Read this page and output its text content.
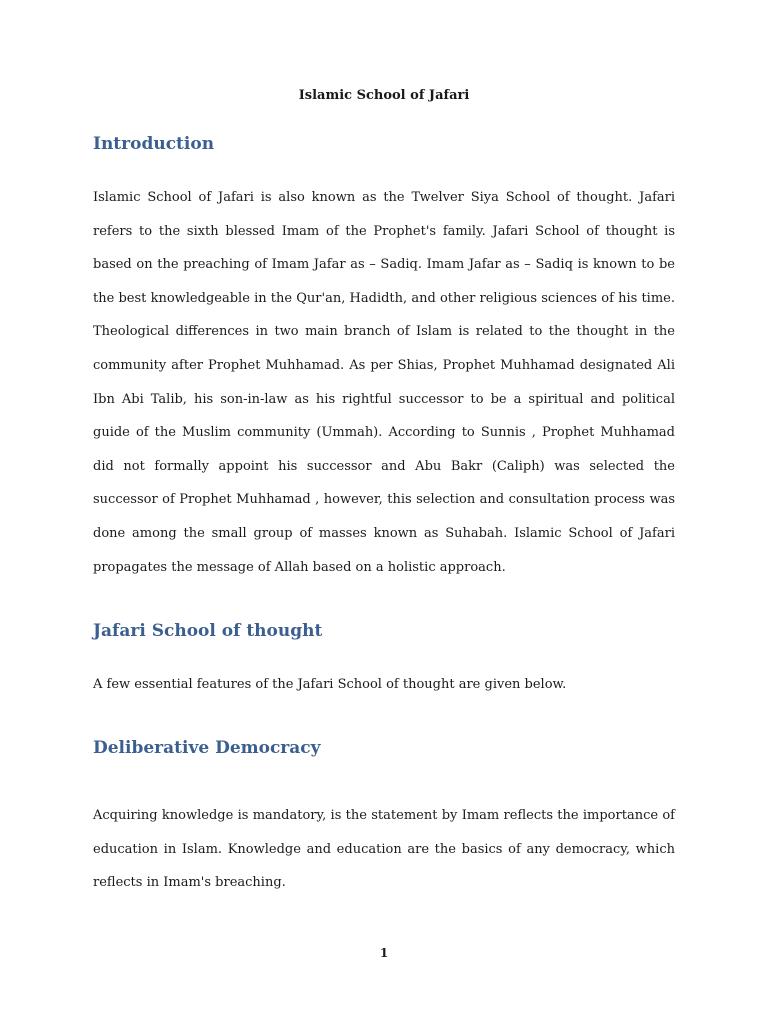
Islamic School of Jafari

Introduction

Islamic School of Jafari is also known as the Twelver Siya School of thought. Jafari refers to the sixth blessed Imam of the Prophet's family. Jafari School of thought is based on the preaching of Imam Jafar as – Sadiq. Imam Jafar as – Sadiq is known to be the best knowledgeable in the Qur'an, Hadidth, and other religious sciences of his time. Theological differences in two main branch of Islam is related to the thought in the community after Prophet Muhhamad. As per Shias, Prophet Muhhamad designated Ali Ibn Abi Talib, his son-in-law as his rightful successor to be a spiritual and political guide of the Muslim community (Ummah). According to Sunnis , Prophet Muhhamad did not formally appoint his successor and Abu Bakr (Caliph) was selected the successor of Prophet Muhhamad , however, this selection and consultation process was done among the small group of masses known as Suhabah. Islamic School of Jafari propagates the message of Allah based on a holistic approach.

Jafari School of thought

A few essential features of the Jafari School of thought are given below.

Deliberative Democracy

Acquiring knowledge is mandatory, is the statement by Imam reflects the importance of education in Islam. Knowledge and education are the basics of any democracy, which reflects in Imam's breaching.

1
